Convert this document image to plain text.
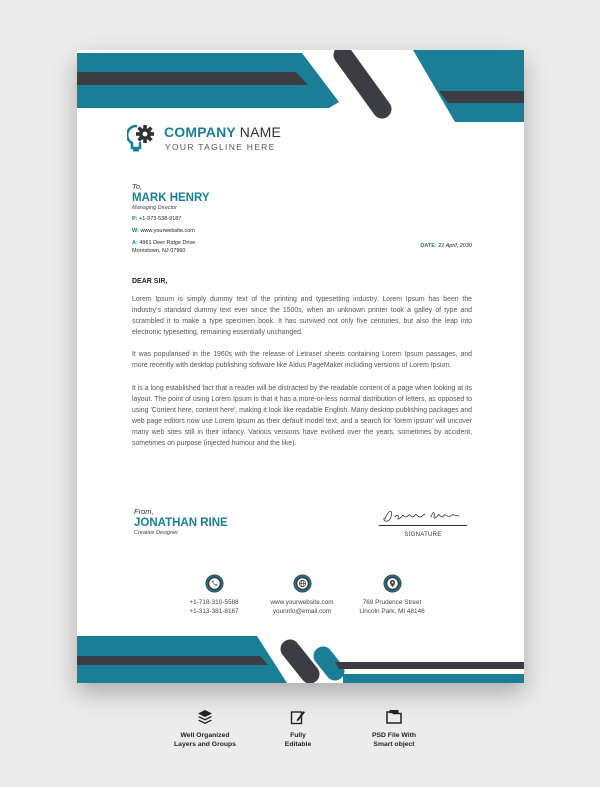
COMPANY NAME
YOUR TAGLINE HERE
To,
MARK HENRY
Managing Director
P: +1-973-538-9187
W: www.yourwebsite.com
A: 4961 Deer Ridge Drive
Morristown, NJ 07960
DATE: 21 April, 2030
DEAR SIR,

Lorem Ipsum is simply dummy text of the printing and typesetting industry. Lorem Ipsum has been the industry's standard dummy text ever since the 1500s, when an unknown printer took a galley of type and scrambled it to make a type specimen book. It has survived not only five centuries, but also the leap into electronic typesetting, remaining essentially unchanged.

It was popularised in the 1960s with the release of Letraset sheets containing Lorem Ipsum passages, and more recently with desktop publishing software like Aldus PageMaker including versions of Lorem Ipsum.

It is a long established fact that a reader will be distracted by the readable content of a page when looking at its layout. The point of using Lorem Ipsum is that it has a more-or-less normal distribution of letters, as opposed to using 'Content here, content here', making it look like readable English. Many desktop publishing packages and web page editors now use Lorem Ipsum as their default model text, and a search for 'lorem ipsum' will uncover many web sites still in their infancy. Various versions have evolved over the years, sometimes by accident, sometimes on purpose (injected humour and the like).

From,
JONATHAN RINE
Creative Designer	SIGNATURE
+1-718-310-5588
+1-313-381-8167
www.yourwebsite.com
yourinfo@email.com
769 Prudence Street
Lincoln Park, MI 48146
Well Organized
Layers and Groups
Fully
Editable
PSD File With
Smart object
